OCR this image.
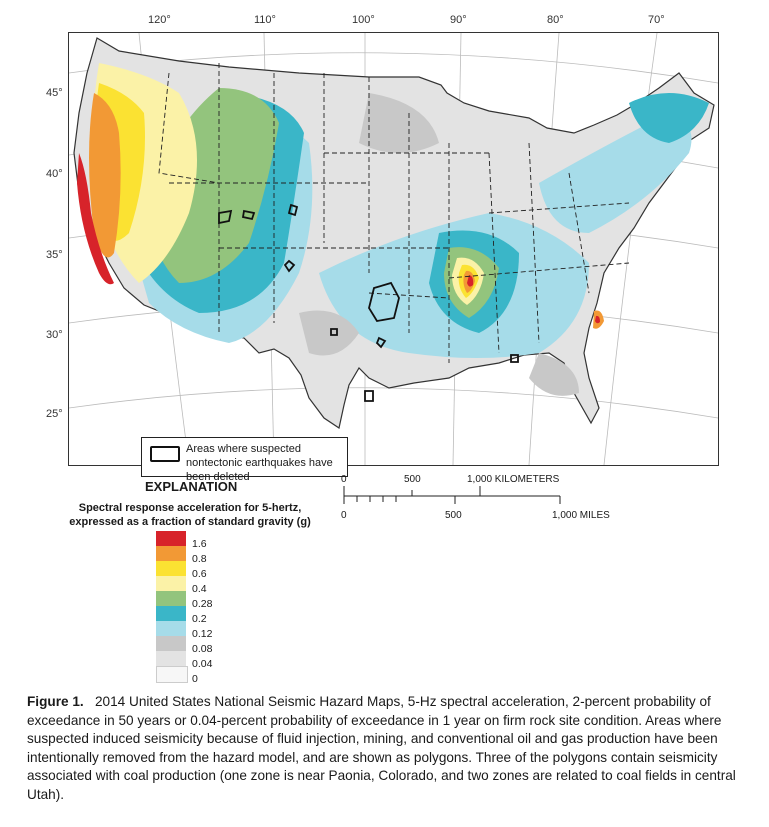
Areas where suspected nontectonic earthquakes have been deleted
120°	110°	100°	90°	80°	70°
45°
40°
35°
30°
25°
EXPLANATION
Spectral response acceleration for 5-hertz, expressed as a fraction of standard gravity (g)
1.6
0.8
0.6
0.4
0.28
0.2
0.12
0.08
0.04
0
0	500	1,000 KILOMETERS
0	500	1,000 MILES
Figure 1. 2014 United States National Seismic Hazard Maps, 5-Hz spectral acceleration, 2-percent probability of exceedance in 50 years or 0.04-percent probability of exceedance in 1 year on firm rock site condition. Areas where suspected induced seismicity because of fluid injection, mining, and conventional oil and gas production have been intentionally removed from the hazard model, and are shown as polygons. Three of the polygons contain seismicity associated with coal production (one zone is near Paonia, Colorado, and two zones are related to coal fields in central Utah).
